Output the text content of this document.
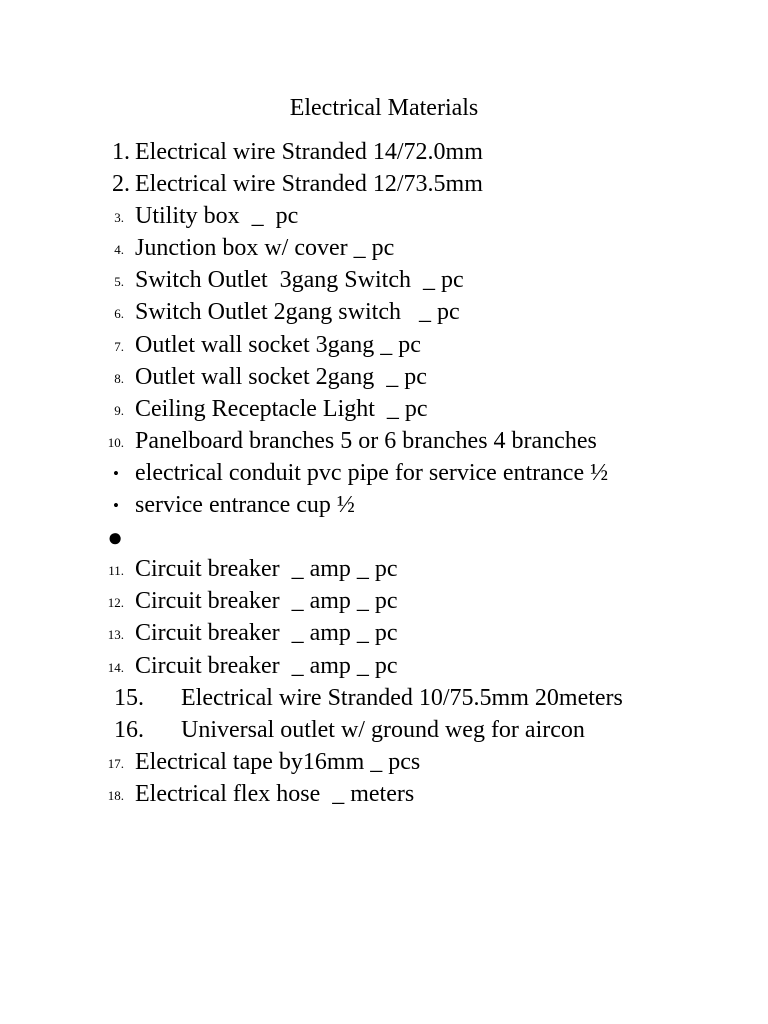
Electrical Materials
1. Electrical wire Stranded 14/72.0mm
2. Electrical wire Stranded 12/73.5mm
3. Utility box  _  pc
4. Junction box w/ cover _ pc
5. Switch Outlet  3gang Switch  _ pc
6. Switch Outlet 2gang switch   _ pc
7. Outlet wall socket 3gang _ pc
8. Outlet wall socket 2gang  _ pc
9. Ceiling Receptacle Light  _ pc
10. Panelboard branches 5 or 6 branches 4 branches
• electrical conduit pvc pipe for service entrance ½
• service entrance cup ½
●
11. Circuit breaker  _ amp _ pc
12. Circuit breaker  _ amp _ pc
13. Circuit breaker  _ amp _ pc
14. Circuit breaker  _ amp _ pc
15. Electrical wire Stranded 10/75.5mm 20meters
16. Universal outlet w/ ground weg for aircon
17. Electrical tape by16mm _ pcs
18. Electrical flex hose  _ meters
